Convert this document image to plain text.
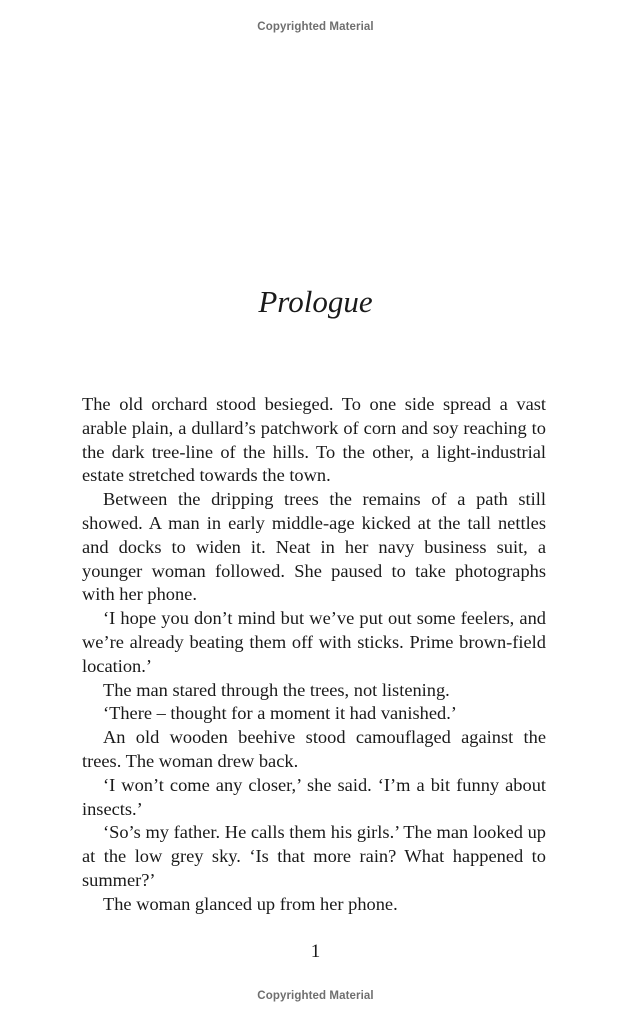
Copyrighted Material
Prologue

The old orchard stood besieged. To one side spread a vast arable plain, a dullard’s patchwork of corn and soy reaching to the dark tree-line of the hills. To the other, a light-industrial estate stretched towards the town.

Between the dripping trees the remains of a path still showed. A man in early middle-age kicked at the tall nettles and docks to widen it. Neat in her navy business suit, a younger woman followed. She paused to take photographs with her phone.

‘I hope you don’t mind but we’ve put out some feelers, and we’re already beating them off with sticks. Prime brown-field location.’

The man stared through the trees, not listening.

‘There – thought for a moment it had vanished.’

An old wooden beehive stood camouflaged against the trees. The woman drew back.

‘I won’t come any closer,’ she said. ‘I’m a bit funny about insects.’

‘So’s my father. He calls them his girls.’ The man looked up at the low grey sky. ‘Is that more rain? What happened to summer?’

The woman glanced up from her phone.

1
Copyrighted Material
